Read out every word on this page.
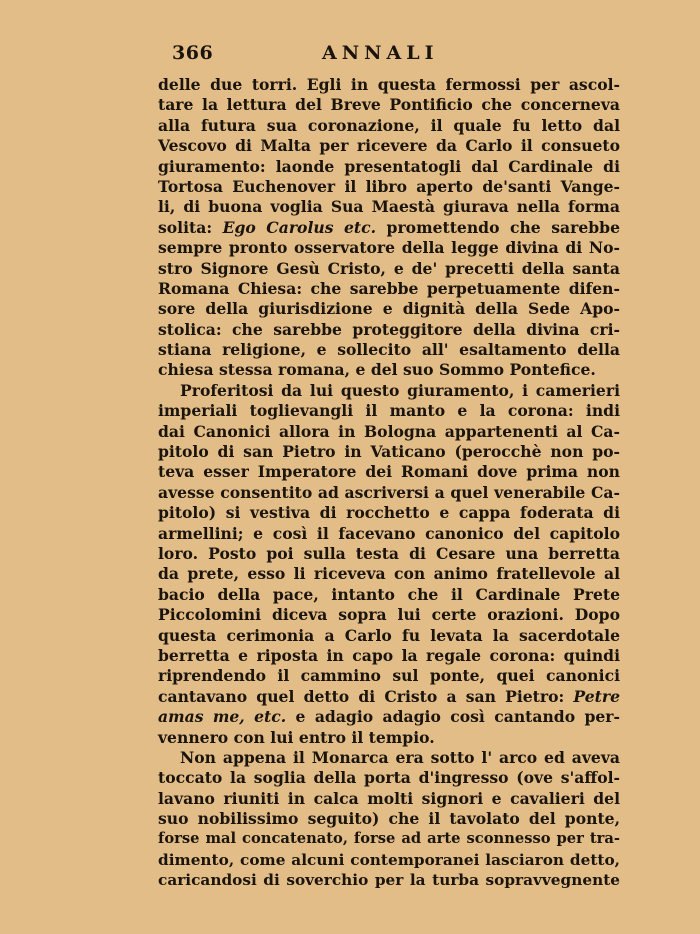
366	ANNALI
delle due torri. Egli in questa fermossi per ascol-
tare la lettura del Breve Pontificio che concerneva
alla futura sua coronazione, il quale fu letto dal
Vescovo di Malta per ricevere da Carlo il consueto
giuramento: laonde presentatogli dal Cardinale di
Tortosa Euchenover il libro aperto de'santi Vange-
li, di buona voglia Sua Maestà giurava nella forma
solita: Ego Carolus etc. promettendo che sarebbe
sempre pronto osservatore della legge divina di No-
stro Signore Gesù Cristo, e de' precetti della santa
Romana Chiesa: che sarebbe perpetuamente difen-
sore della giurisdizione e dignità della Sede Apo-
stolica: che sarebbe proteggitore della divina cri-
stiana religione, e sollecito all' esaltamento della
chiesa stessa romana, e del suo Sommo Pontefice.
Proferitosi da lui questo giuramento, i camerieri
imperiali toglievangli il manto e la corona: indi
dai Canonici allora in Bologna appartenenti al Ca-
pitolo di san Pietro in Vaticano (perocchè non po-
teva esser Imperatore dei Romani dove prima non
avesse consentito ad ascriversi a quel venerabile Ca-
pitolo) si vestiva di rocchetto e cappa foderata di
armellini; e così il facevano canonico del capitolo
loro. Posto poi sulla testa di Cesare una berretta
da prete, esso li riceveva con animo fratellevole al
bacio della pace, intanto che il Cardinale Prete
Piccolomini diceva sopra lui certe orazioni. Dopo
questa cerimonia a Carlo fu levata la sacerdotale
berretta e riposta in capo la regale corona: quindi
riprendendo il cammino sul ponte, quei canonici
cantavano quel detto di Cristo a san Pietro: Petre
amas me, etc. e adagio adagio così cantando per-
vennero con lui entro il tempio.
Non appena il Monarca era sotto l' arco ed aveva
toccato la soglia della porta d'ingresso (ove s'affol-
lavano riuniti in calca molti signori e cavalieri del
suo nobilissimo seguito) che il tavolato del ponte,
forse mal concatenato, forse ad arte sconnesso per tra-
dimento, come alcuni contemporanei lasciaron detto,
caricandosi di soverchio per la turba sopravvegnente
